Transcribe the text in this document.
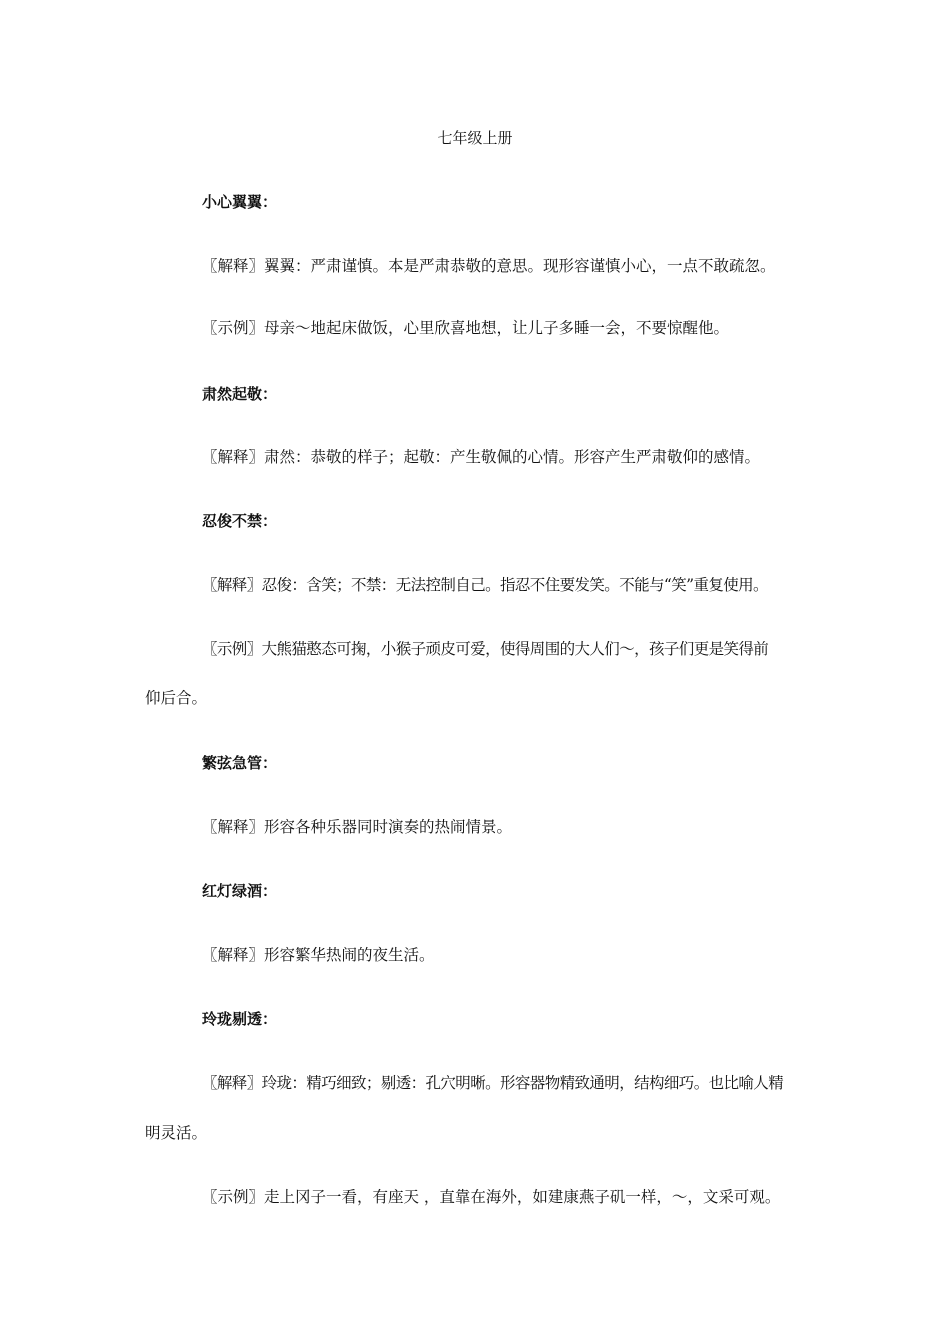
七年级上册
小心翼翼：
〖解释〗翼翼：严肃谨慎。本是严肃恭敬的意思。现形容谨慎小心，一点不敢疏忽。
〖示例〗母亲～地起床做饭，心里欣喜地想，让儿子多睡一会，不要惊醒他。
肃然起敬：
〖解释〗肃然：恭敬的样子；起敬：产生敬佩的心情。形容产生严肃敬仰的感情。
忍俊不禁：
〖解释〗忍俊：含笑；不禁：无法控制自己。指忍不住要发笑。不能与“笑”重复使用。
〖示例〗大熊猫憨态可掬，小猴子顽皮可爱，使得周围的大人们～，孩子们更是笑得前
仰后合。
繁弦急管：
〖解释〗形容各种乐器同时演奏的热闹情景。
红灯绿酒：
〖解释〗形容繁华热闹的夜生活。
玲珑剔透：
〖解释〗玲珑：精巧细致；剔透：孔穴明晰。形容器物精致通明，结构细巧。也比喻人精
明灵活。
〖示例〗走上冈子一看，有座天 ，直靠在海外，如建康燕子矶一样，～，文采可观。
